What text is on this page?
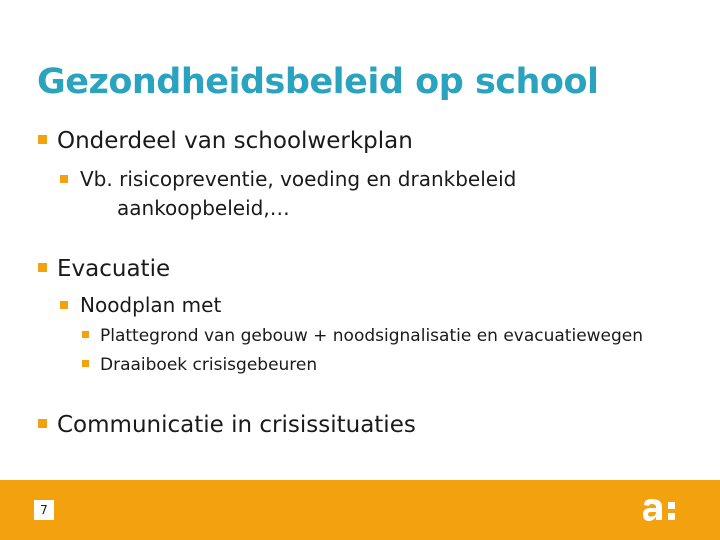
Gezondheidsbeleid op school
Onderdeel van schoolwerkplan
Vb. risicopreventie, voeding en drankbeleid
aankoopbeleid,…
Evacuatie
Noodplan met
Plattegrond van gebouw + noodsignalisatie en evacuatiewegen
Draaiboek crisisgebeuren
Communicatie in crisissituaties
7
